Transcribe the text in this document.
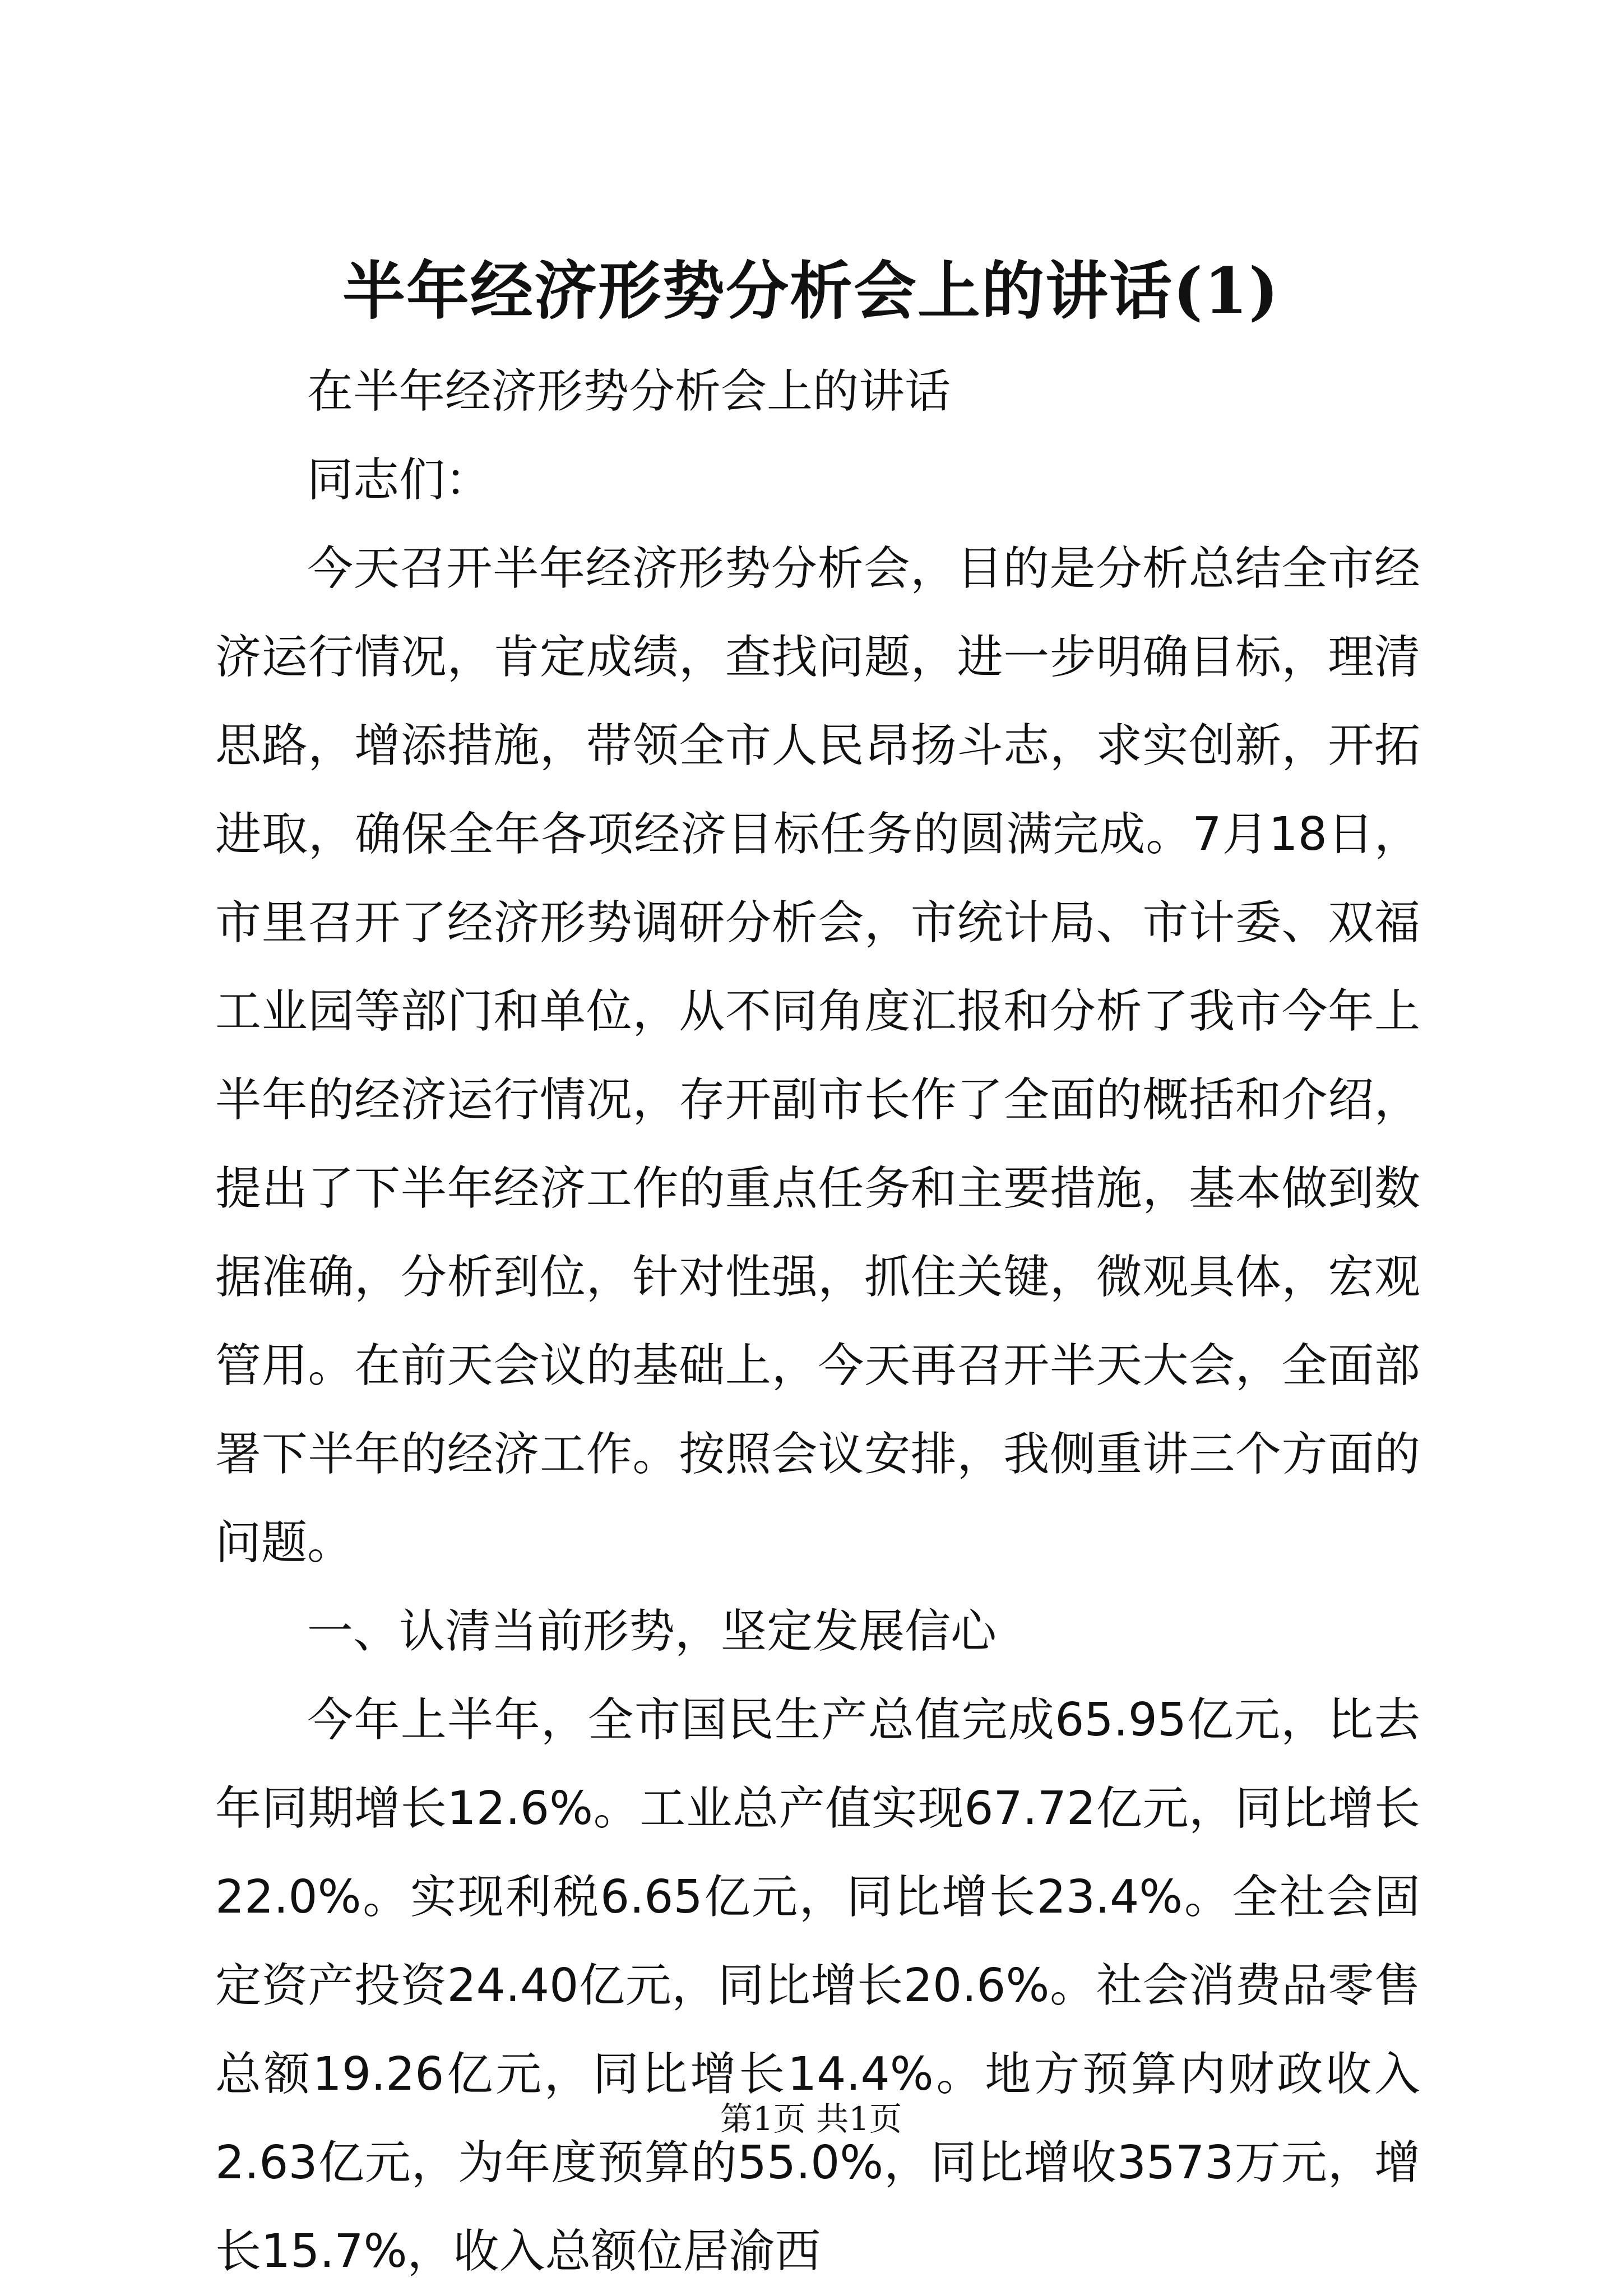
半年经济形势分析会上的讲话(1)

在半年经济形势分析会上的讲话

同志们：

今天召开半年经济形势分析会，目的是分析总结全市经济运行情况，肯定成绩，查找问题，进一步明确目标，理清思路，增添措施，带领全市人民昂扬斗志，求实创新，开拓进取，确保全年各项经济目标任务的圆满完成。7月18日，市里召开了经济形势调研分析会，市统计局、市计委、双福工业园等部门和单位，从不同角度汇报和分析了我市今年上半年的经济运行情况，存开副市长作了全面的概括和介绍，提出了下半年经济工作的重点任务和主要措施，基本做到数据准确，分析到位，针对性强，抓住关键，微观具体，宏观管用。在前天会议的基础上，今天再召开半天大会，全面部署下半年的经济工作。按照会议安排，我侧重讲三个方面的问题。

一、认清当前形势，坚定发展信心

今年上半年，全市国民生产总值完成65.95亿元，比去年同期增长12.6%。工业总产值实现67.72亿元，同比增长22.0%。实现利税6.65亿元，同比增长23.4%。全社会固定资产投资24.40亿元，同比增长20.6%。社会消费品零售总额19.26亿元，同比增长14.4%。地方预算内财政收入2.63亿元，为年度预算的55.0%，同比增收3573万元，增长15.7%，收入总额位居渝西

第1页 共1页
